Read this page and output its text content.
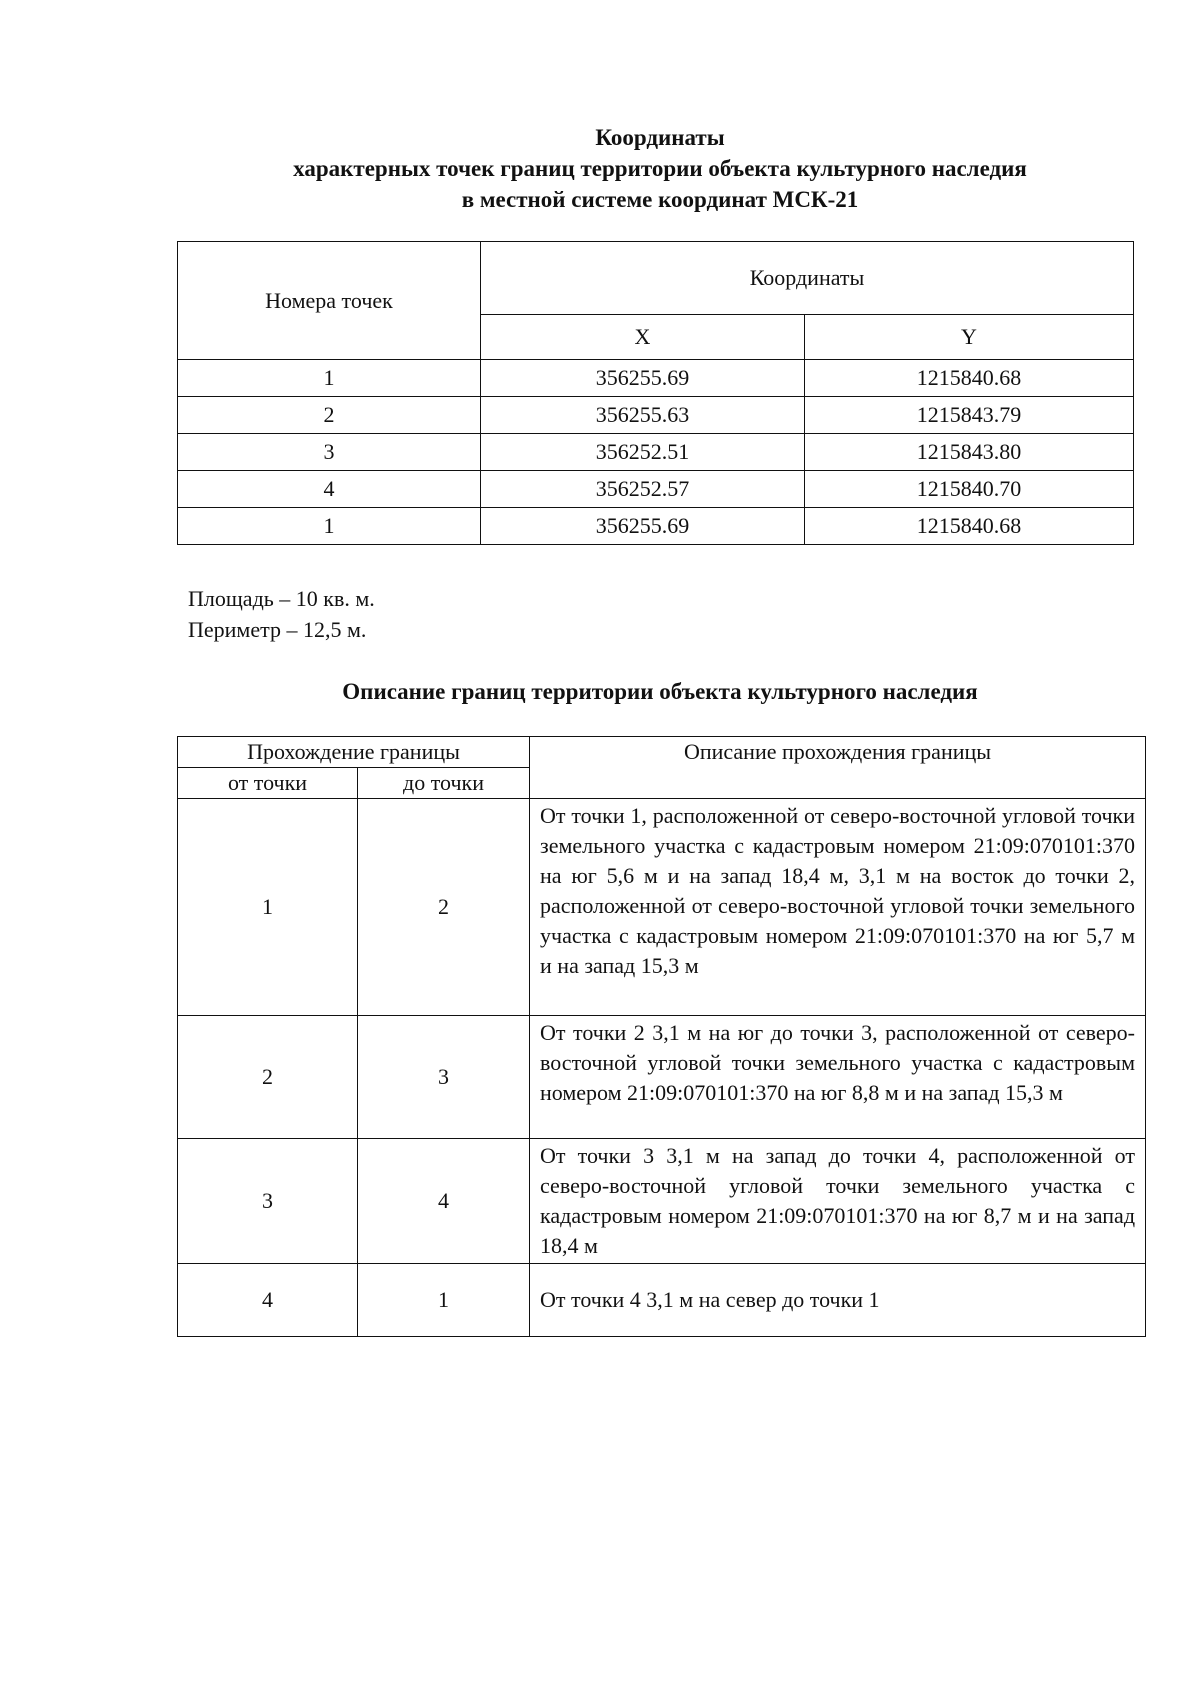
Координаты
характерных точек границ территории объекта культурного наследия
в местной системе координат МСК-21
Номера точек	Координаты	
	X	Y
1	356255.69	1215840.68
2	356255.63	1215843.79
3	356252.51	1215843.80
4	356252.57	1215840.70
1	356255.69	1215840.68
Площадь – 10 кв. м.
Периметр – 12,5 м.
Описание границ территории объекта культурного наследия
Прохождение границы		Описание прохождения границы
от точки	до точки	
1	2	От точки 1, расположенной от северо-восточной угловой точки земельного участка с кадастровым номером 21:09:070101:370 на юг 5,6 м и на запад 18,4 м, 3,1 м на восток до точки 2, расположенной от северо-восточной угловой точки земельного участка с кадастровым номером 21:09:070101:370 на юг 5,7 м и на запад 15,3 м
2	3	От точки 2 3,1 м на юг до точки 3, расположенной от северо-восточной угловой точки земельного участка с кадастровым номером 21:09:070101:370 на юг 8,8 м и на запад 15,3 м
3	4	От точки 3 3,1 м на запад до точки 4, расположенной от северо-восточной угловой точки земельного участка с кадастровым номером 21:09:070101:370 на юг 8,7 м и на запад 18,4 м
4	1	От точки 4 3,1 м на север до точки 1
